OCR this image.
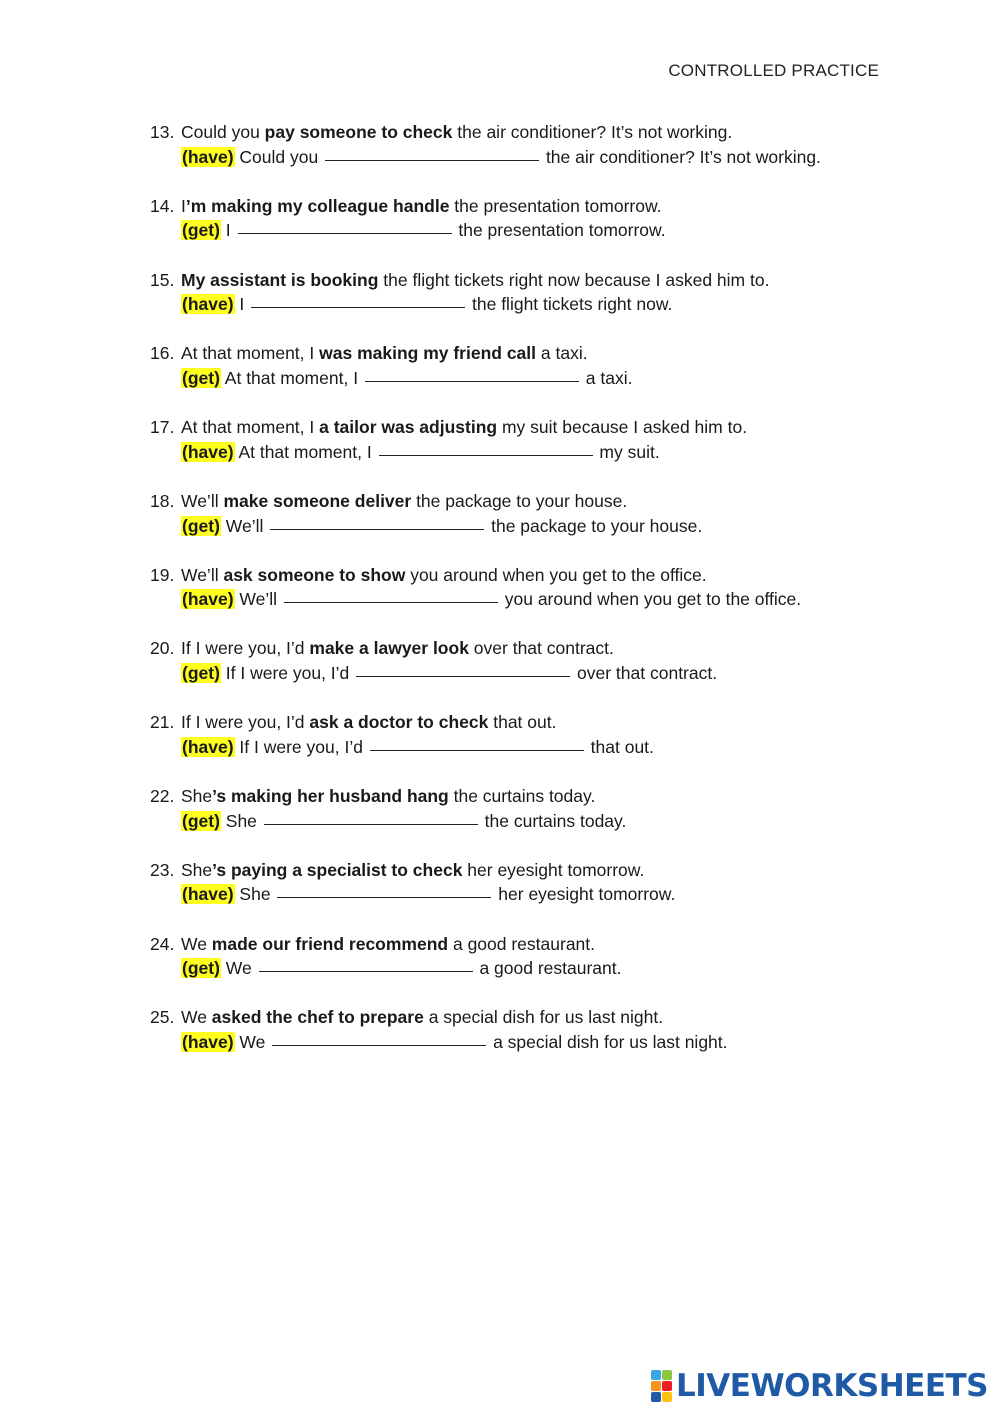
CONTROLLED PRACTICE
13. Could you pay someone to check the air conditioner? It’s not working.
(have) Could you	the air conditioner? It’s not working.
14. I’m making my colleague handle the presentation tomorrow.
(get) I	the presentation tomorrow.
15. My assistant is booking the flight tickets right now because I asked him to.
(have) I	the flight tickets right now.
16. At that moment, I was making my friend call a taxi.
(get) At that moment, I	a taxi.
17. At that moment, I a tailor was adjusting my suit because I asked him to.
(have) At that moment, I	my suit.
18. We’ll make someone deliver the package to your house.
(get) We’ll	the package to your house.
19. We’ll ask someone to show you around when you get to the office.
(have) We’ll	you around when you get to the office.
20. If I were you, I’d make a lawyer look over that contract.
(get) If I were you, I’d	over that contract.
21. If I were you, I’d ask a doctor to check that out.
(have) If I were you, I’d	that out.
22. She’s making her husband hang the curtains today.
(get) She	the curtains today.
23. She’s paying a specialist to check her eyesight tomorrow.
(have) She	her eyesight tomorrow.
24. We made our friend recommend a good restaurant.
(get) We	a good restaurant.
25. We asked the chef to prepare a special dish for us last night.
(have) We	a special dish for us last night.
LIVEWORKSHEETS
